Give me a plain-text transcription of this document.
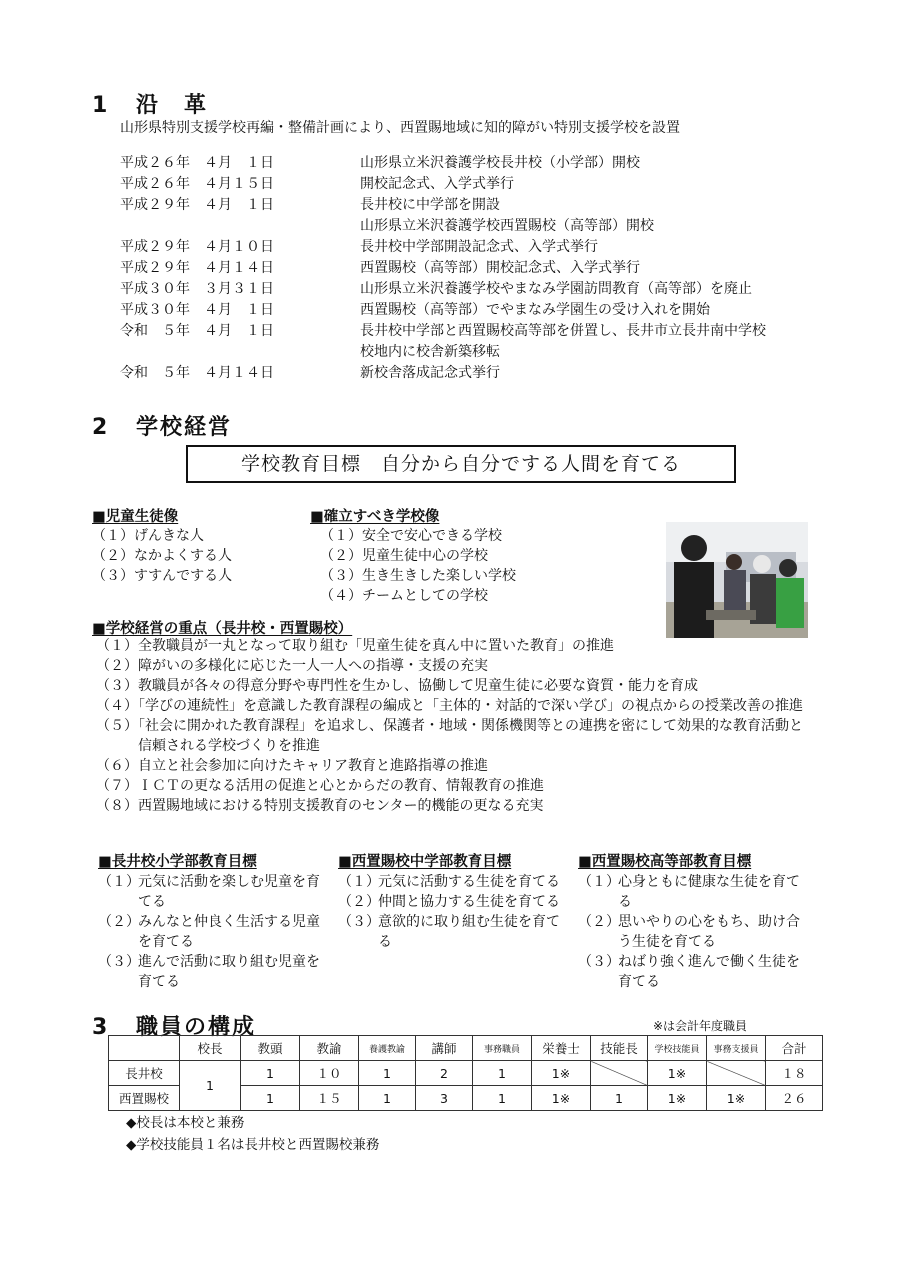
1 沿　革
山形県特別支援学校再編・整備計画により、西置賜地域に知的障がい特別支援学校を設置
平成２６年　４月　１日	山形県立米沢養護学校長井校（小学部）開校
平成２６年　４月１５日	開校記念式、入学式挙行
平成２９年　４月　１日	長井校に中学部を開設
山形県立米沢養護学校西置賜校（高等部）開校
平成２９年　４月１０日	長井校中学部開設記念式、入学式挙行
平成２９年　４月１４日	西置賜校（高等部）開校記念式、入学式挙行
平成３０年　３月３１日	山形県立米沢養護学校やまなみ学園訪問教育（高等部）を廃止
平成３０年　４月　１日	西置賜校（高等部）でやまなみ学園生の受け入れを開始
令和　５年　４月　１日	長井校中学部と西置賜校高等部を併置し、長井市立長井南中学校
校地内に校舎新築移転
令和　５年　４月１４日	新校舎落成記念式挙行
2 学校経営
学校教育目標　自分から自分でする人間を育てる
■児童生徒像
（１）げんきな人
（２）なかよくする人
（３）すすんでする人
■確立すべき学校像
（１）安全で安心できる学校
（２）児童生徒中心の学校
（３）生き生きした楽しい学校
（４）チームとしての学校
■学校経営の重点（長井校・西置賜校）
（１）全教職員が一丸となって取り組む「児童生徒を真ん中に置いた教育」の推進
（２）障がいの多様化に応じた一人一人への指導・支援の充実
（３）教職員が各々の得意分野や専門性を生かし、協働して児童生徒に必要な資質・能力を育成
（４）「学びの連続性」を意識した教育課程の編成と「主体的・対話的で深い学び」の視点からの授業改善の推進
（５）「社会に開かれた教育課程」を追求し、保護者・地域・関係機関等との連携を密にして効果的な教育活動と
　　　信頼される学校づくりを推進
（６）自立と社会参加に向けたキャリア教育と進路指導の推進
（７）ＩＣＴの更なる活用の促進と心とからだの教育、情報教育の推進
（８）西置賜地域における特別支援教育のセンター的機能の更なる充実
■長井校小学部教育目標
（１）
元気に活動を楽しむ児童を育てる
（２）
みんなと仲良く生活する児童を育てる
（３）
進んで活動に取り組む児童を育てる
■西置賜校中学部教育目標
（１）
元気に活動する生徒を育てる
（２）
仲間と協力する生徒を育てる
（３）
意欲的に取り組む生徒を育てる
■西置賜校高等部教育目標
（１）
心身ともに健康な生徒を育てる
（２）
思いやりの心をもち、助け合う生徒を育てる
（３）
ねばり強く進んで働く生徒を育てる
3 職員の構成	※は会計年度職員
	校長	教頭	教諭	養護教諭	講師	事務職員	栄養士	技能長	学校技能員	事務支援員	合計
長井校	1	1	１０	1	2	1	1※		1※		１８
西置賜校		1	１５	1	3	1	1※	1	1※	1※	２６
◆校長は本校と兼務
◆学校技能員１名は長井校と西置賜校兼務
